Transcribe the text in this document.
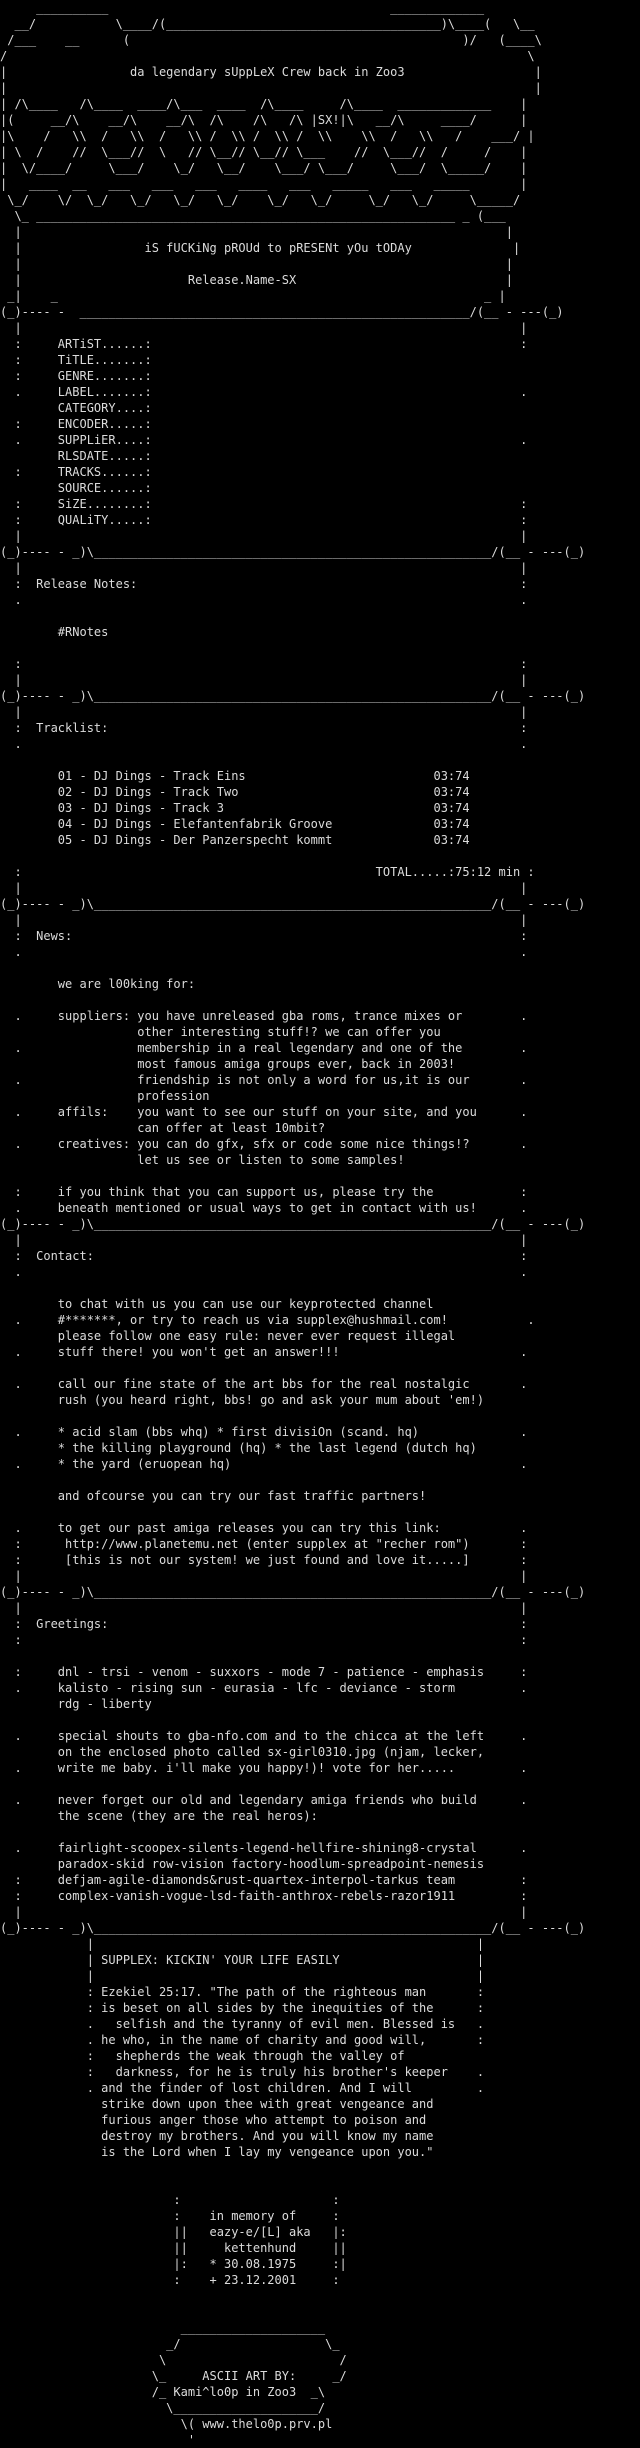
__________                                       _____________
__/           \____/(______________________________________)\____(   \__
/___    __      (                                              )/   (____\
/                                                                        \
|                 da legendary sUppLeX Crew back in Zoo3                  |
|                                                                         |
| /\____   /\____  ____/\___  ____  /\____     /\____  _____________    |
|(     __/\    __/\    __/\  /\    /\   /\ |SX!|\   __/\     ____/      |
|\    /   \\  /   \\  /   \\ /  \\ /  \\ /  \\    \\  /   \\   /    ___/ |
| \  /    //  \___//  \   // \__// \__// \___    //  \___//  /     /    |
|  \/____/     \___/    \_/   \__/    \___/ \___/     \___/  \_____/    |
|   ____  __   ___   ___   ___   ____   ___   _____   ___   _____       |
\_/    \/  \_/   \_/   \_/   \_/    \_/   \_/     \_/   \_/     \_____/
\_ __________________________________________________________ _ (___
|                                                                   |
|                 iS fUCKiNg pROUd to pRESENt yOu tODAy              |
|                                                                   |
|                       Release.Name-SX                             |
_|    _                                                           _ |
(_)---- -  ______________________________________________________/(__ - ---(_)
|                                                                     |
:     ARTiST......:                                                   :
:     TiTLE.......:
:     GENRE.......:
.     LABEL.......:                                                   .
CATEGORY....:
:     ENCODER.....:
.     SUPPLiER....:                                                   .
RLSDATE.....:
:     TRACKS......:
SOURCE......:
:     SiZE........:                                                   :
:     QUALiTY.....:                                                   :
|                                                                     |
(_)---- - _)\_______________________________________________________/(__ - ---(_)
|                                                                     |
:  Release Notes:                                                     :
.                                                                     .
#RNotes
:                                                                     :
|                                                                     |
(_)---- - _)\_______________________________________________________/(__ - ---(_)
|                                                                     |
:  Tracklist:                                                         :
.                                                                     .
01 - DJ Dings - Track Eins                          03:74
02 - DJ Dings - Track Two                           03:74
03 - DJ Dings - Track 3                             03:74
04 - DJ Dings - Elefantenfabrik Groove              03:74
05 - DJ Dings - Der Panzerspecht kommt              03:74
:                                                 TOTAL.....:75:12 min :
|                                                                     |
(_)---- - _)\_______________________________________________________/(__ - ---(_)
|                                                                     |
:  News:                                                              :
.                                                                     .
we are l00king for:
.     suppliers: you have unreleased gba roms, trance mixes or        .
other interesting stuff!? we can offer you
.                membership in a real legendary and one of the        .
most famous amiga groups ever, back in 2003!
.                friendship is not only a word for us,it is our       .
profession
.     affils:    you want to see our stuff on your site, and you      .
can offer at least 10mbit?
.     creatives: you can do gfx, sfx or code some nice things!?       .
let us see or listen to some samples!
:     if you think that you can support us, please try the            :
.     beneath mentioned or usual ways to get in contact with us!      .
(_)---- - _)\_______________________________________________________/(__ - ---(_)
|                                                                     |
:  Contact:                                                           :
.                                                                     .
to chat with us you can use our keyprotected channel
.     #*******, or try to reach us via supplex@hushmail.com!           .
please follow one easy rule: never ever request illegal
.     stuff there! you won't get an answer!!!                         .
.     call our fine state of the art bbs for the real nostalgic       .
rush (you heard right, bbs! go and ask your mum about 'em!)
.     * acid slam (bbs whq) * first divisiOn (scand. hq)              .
* the killing playground (hq) * the last legend (dutch hq)
.     * the yard (eruopean hq)                                        .
and ofcourse you can try our fast traffic partners!
.     to get our past amiga releases you can try this link:           .
:      http://www.planetemu.net (enter supplex at "recher rom")       :
:      [this is not our system! we just found and love it.....]       :
|                                                                     |
(_)---- - _)\_______________________________________________________/(__ - ---(_)
|                                                                     |
:  Greetings:                                                         :
:                                                                     :
:     dnl - trsi - venom - suxxors - mode 7 - patience - emphasis     :
.     kalisto - rising sun - eurasia - lfc - deviance - storm         .
rdg - liberty
.     special shouts to gba-nfo.com and to the chicca at the left     .
on the enclosed photo called sx-girl0310.jpg (njam, lecker,
.     write me baby. i'll make you happy!)! vote for her.....         .
.     never forget our old and legendary amiga friends who build      .
the scene (they are the real heros):
.     fairlight-scoopex-silents-legend-hellfire-shining8-crystal      .
paradox-skid row-vision factory-hoodlum-spreadpoint-nemesis
:     defjam-agile-diamonds&rust-quartex-interpol-tarkus team         :
:     complex-vanish-vogue-lsd-faith-anthrox-rebels-razor1911         :
|                                                                     |
(_)---- - _)\_______________________________________________________/(__ - ---(_)
|                                                     |
| SUPPLEX: KICKIN' YOUR LIFE EASILY                   |
|                                                     |
: Ezekiel 25:17. "The path of the righteous man       :
: is beset on all sides by the inequities of the      :
.   selfish and the tyranny of evil men. Blessed is   .
. he who, in the name of charity and good will,       :
:   shepherds the weak through the valley of
:   darkness, for he is truly his brother's keeper    .
. and the finder of lost children. And I will         .
strike down upon thee with great vengeance and
furious anger those who attempt to poison and
destroy my brothers. And you will know my name
is the Lord when I lay my vengeance upon you."
:                     :
:    in memory of     :
||   eazy-e/[L] aka   |:
||     kettenhund     ||
|:   * 30.08.1975     :|
:    + 23.12.2001     :
____________________
_/                    \_
\                        /
\_     ASCII ART BY:     _/
/_ Kami^lo0p in Zoo3  _\
\____________________/
\( www.thelo0p.prv.pl
'
